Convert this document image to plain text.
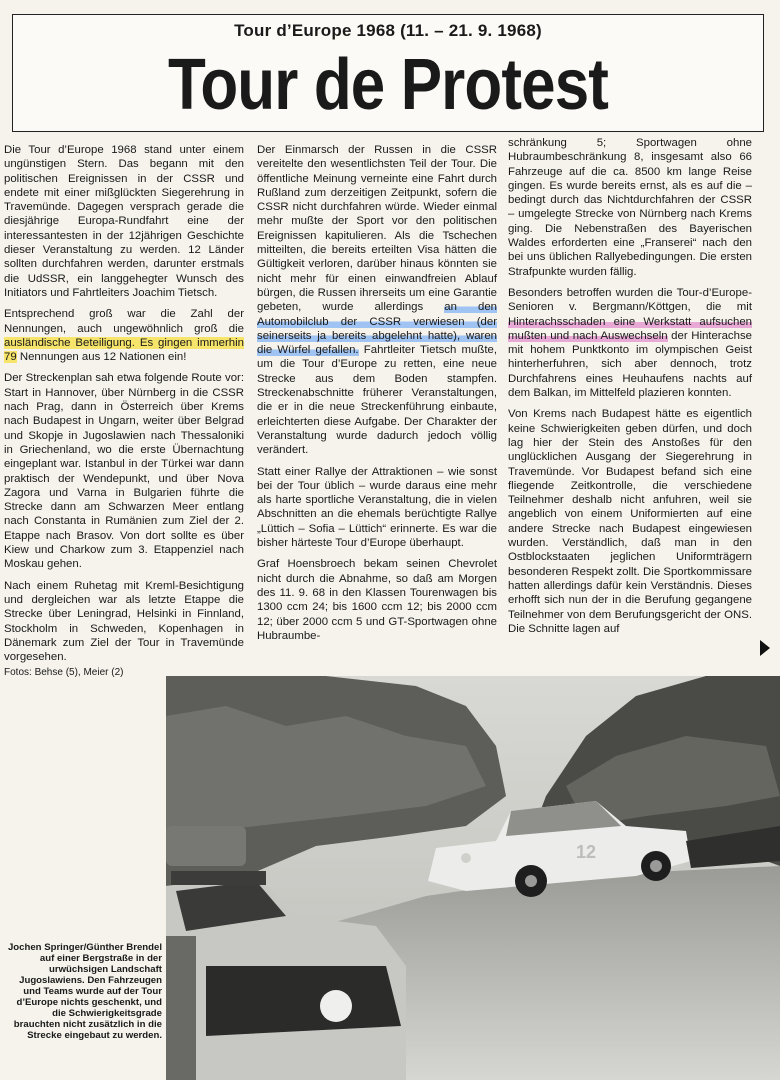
Tour d’Europe 1968 (11. – 21. 9. 1968)
Tour de Protest

Die Tour d’Europe 1968 stand unter einem ungünstigen Stern. Das begann mit den politischen Ereignissen in der CSSR und endete mit einer mißglückten Siegerehrung in Travemünde. Dagegen versprach gerade die diesjährige Europa-Rundfahrt eine der interessantesten in der 12jährigen Geschichte dieser Veranstaltung zu werden. 12 Länder sollten durchfahren werden, darunter erstmals die UdSSR, ein langgehegter Wunsch des Initiators und Fahrtleiters Joachim Tietsch.

Entsprechend groß war die Zahl der Nennungen, auch ungewöhnlich groß die ausländische Beteiligung. Es gingen immerhin 79 Nennungen aus 12 Nationen ein!

Der Streckenplan sah etwa folgende Route vor: Start in Hannover, über Nürnberg in die CSSR nach Prag, dann in Österreich über Krems nach Budapest in Ungarn, weiter über Belgrad und Skopje in Jugoslawien nach Thessaloniki in Griechenland, wo die erste Übernachtung eingeplant war. Istanbul in der Türkei war dann praktisch der Wendepunkt, und über Nova Zagora und Varna in Bulgarien führte die Strecke dann am Schwarzen Meer entlang nach Constanta in Rumänien zum Ziel der 2. Etappe nach Brasov. Von dort sollte es über Kiew und Charkow zum 3. Etappenziel nach Moskau gehen.

Nach einem Ruhetag mit Kreml-Besichtigung und dergleichen war als letzte Etappe die Strecke über Leningrad, Helsinki in Finnland, Stockholm in Schweden, Kopenhagen in Dänemark zum Ziel der Tour in Travemünde vorgesehen.

Der Einmarsch der Russen in die CSSR vereitelte den wesentlichsten Teil der Tour. Die öffentliche Meinung verneinte eine Fahrt durch Rußland zum derzeitigen Zeitpunkt, sofern die CSSR nicht durchfahren würde. Wieder einmal mehr mußte der Sport vor den politischen Ereignissen kapitulieren. Als die Tschechen mitteilten, die bereits erteilten Visa hätten die Gültigkeit verloren, darüber hinaus könnten sie nicht mehr für einen einwandfreien Ablauf bürgen, die Russen ihrerseits um eine Garantie gebeten, wurde allerdings an den Automobilclub der CSSR verwiesen (der seinerseits ja bereits abgelehnt hatte), waren die Würfel gefallen. Fahrtleiter Tietsch mußte, um die Tour d’Europe zu retten, eine neue Strecke aus dem Boden stampfen. Streckenabschnitte früherer Veranstaltungen, die er in die neue Streckenführung einbaute, erleichterten diese Aufgabe. Der Charakter der Veranstaltung wurde dadurch jedoch völlig verändert.

Statt einer Rallye der Attraktionen – wie sonst bei der Tour üblich – wurde daraus eine mehr als harte sportliche Veranstaltung, die in vielen Abschnitten an die ehemals berüchtigte Rallye „Lüttich – Sofia – Lüttich“ erinnerte. Es war die bisher härteste Tour d’Europe überhaupt.

Graf Hoensbroech bekam seinen Chevrolet nicht durch die Abnahme, so daß am Morgen des 11. 9. 68 in den Klassen Tourenwagen bis 1300 ccm 24; bis 1600 ccm 12; bis 2000 ccm 12; über 2000 ccm 5 und GT-Sportwagen ohne Hubraumbe-

schränkung 5; Sportwagen ohne Hubraumbeschränkung 8, insgesamt also 66 Fahrzeuge auf die ca. 8500 km lange Reise gingen. Es wurde bereits ernst, als es auf die – bedingt durch das Nichtdurchfahren der CSSR – umgelegte Strecke von Nürnberg nach Krems ging. Die Nebenstraßen des Bayerischen Waldes erforderten eine „Franserei“ nach den bei uns üblichen Rallyebedingungen. Die ersten Strafpunkte wurden fällig.

Besonders betroffen wurden die Tour-d’Europe-Senioren v. Bergmann/Köttgen, die mit Hinterachsschaden eine Werkstatt aufsuchen mußten und nach Auswechseln der Hinterachse mit hohem Punktkonto im olympischen Geist hinterherfuhren, sich aber dennoch, trotz Durchfahrens eines Heuhaufens nachts auf dem Balkan, im Mittelfeld plazieren konnten.

Von Krems nach Budapest hätte es eigentlich keine Schwierigkeiten geben dürfen, und doch lag hier der Stein des Anstoßes für den unglücklichen Ausgang der Siegerehrung in Travemünde. Vor Budapest befand sich eine fliegende Zeitkontrolle, die verschiedene Teilnehmer deshalb nicht anfuhren, weil sie angeblich von einem Uniformierten auf eine andere Strecke nach Budapest eingewiesen wurden. Verständlich, daß man in den Ostblockstaaten jeglichen Uniformträgern besonderen Respekt zollt. Die Sportkommissare hatten allerdings dafür kein Verständnis. Dieses erhofft sich nun der in die Berufung gegangene Teilnehmer von dem Berufungsgericht der ONS. Die Schnitte lagen auf

Fotos: Behse (5), Meier (2)
12
Jochen Springer/Günther Brendel auf einer Bergstraße in der urwüchsigen Landschaft Jugoslawiens. Den Fahrzeugen und Teams wurde auf der Tour d’Europe nichts geschenkt, und die Schwierigkeitsgrade brauchten nicht zusätzlich in die Strecke eingebaut zu werden.
